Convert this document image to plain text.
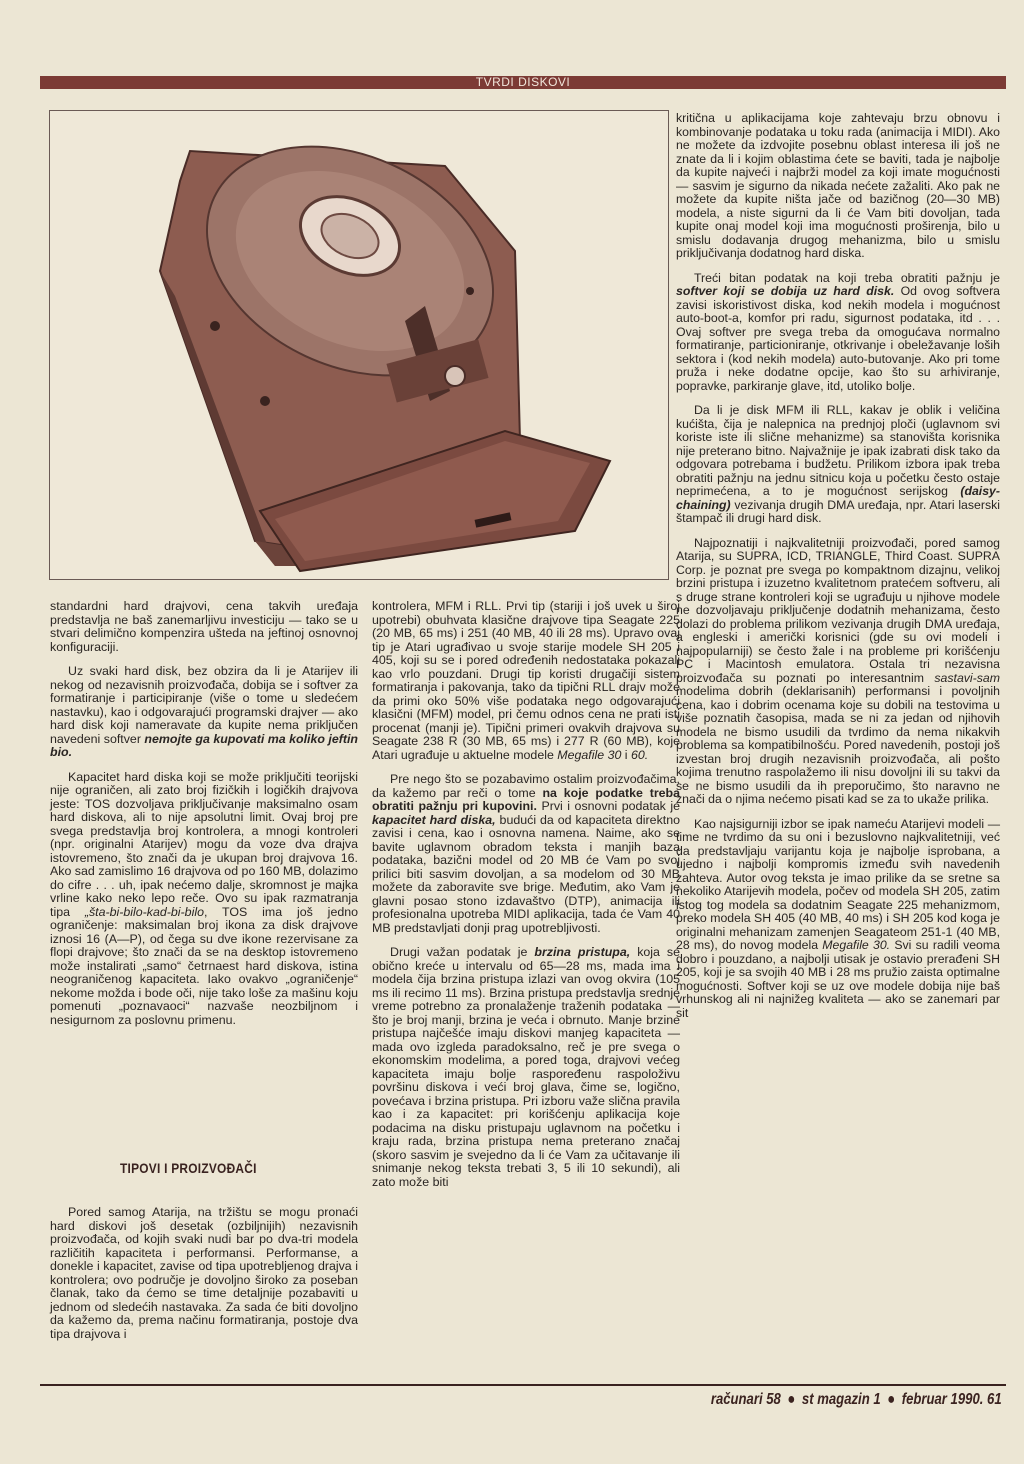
TVRDI DISKOVI

standardni hard drajvovi, cena takvih uređaja predstavlja ne baš zanemarljivu investiciju — tako se u stvari delimično kompenzira ušteda na jeftinoj osnovnoj konfiguraciji.

Uz svaki hard disk, bez obzira da li je Atarijev ili nekog od nezavisnih proizvođača, dobija se i softver za formatiranje i participiranje (više o tome u sledećem nastavku), kao i odgovarajući programski drajver — ako hard disk koji nameravate da kupite nema priključen navedeni softver nemojte ga kupovati ma koliko jeftin bio.

Kapacitet hard diska koji se može priključiti teorijski nije ograničen, ali zato broj fizičkih i logičkih drajvova jeste: TOS dozvoljava priključivanje maksimalno osam hard diskova, ali to nije apsolutni limit. Ovaj broj pre svega predstavlja broj kontrolera, a mnogi kontroleri (npr. originalni Atarijev) mogu da voze dva drajva istovremeno, što znači da je ukupan broj drajvova 16. Ako sad zamislimo 16 drajvova od po 160 MB, dolazimo do cifre . . . uh, ipak nećemo dalje, skromnost je majka vrline kako neko lepo reče. Ovo su ipak razmatranja tipa „šta-bi-bilo-kad-bi-bilo, TOS ima još jedno ograničenje: maksimalan broj ikona za disk drajvove iznosi 16 (A—P), od čega su dve ikone rezervisane za flopi drajvove; što znači da se na desktop istovremeno može instalirati „samo“ četrnaest hard diskova, istina neograničenog kapaciteta. Iako ovakvo „ograničenje“ nekome možda i bode oči, nije tako loše za mašinu koju pomenuti „poznavaoci“ nazvaše neozbiljnom i nesigurnom za poslovnu primenu.

TIPOVI I PROIZVOĐAČI

Pored samog Atarija, na tržištu se mogu pronaći hard diskovi još desetak (ozbiljnijih) nezavisnih proizvođača, od kojih svaki nudi bar po dva-tri modela različitih kapaciteta i performansi. Performanse, a donekle i kapacitet, zavise od tipa upotrebljenog drajva i kontrolera; ovo područje je dovoljno široko za poseban članak, tako da ćemo se time detaljnije pozabaviti u jednom od sledećih nastavaka. Za sada će biti dovoljno da kažemo da, prema načinu formatiranja, postoje dva tipa drajvova i

kontrolera, MFM i RLL. Prvi tip (stariji i još uvek u široj upotrebi) obuhvata klasične drajvove tipa Seagate 225 (20 MB, 65 ms) i 251 (40 MB, 40 ili 28 ms). Upravo ovaj tip je Atari ugrađivao u svoje starije modele SH 205 i 405, koji su se i pored određenih nedostataka pokazali kao vrlo pouzdani. Drugi tip koristi drugačiji sistem formatiranja i pakovanja, tako da tipični RLL drajv može da primi oko 50% više podataka nego odgovarajući klasični (MFM) model, pri čemu odnos cena ne prati isti procenat (manji je). Tipični primeri ovakvih drajvova su Seagate 238 R (30 MB, 65 ms) i 277 R (60 MB), koje Atari ugrađuje u aktuelne modele Megafile 30 i 60.

Pre nego što se pozabavimo ostalim proizvođačima, da kažemo par reči o tome na koje podatke treba obratiti pažnju pri kupovini. Prvi i osnovni podatak je kapacitet hard diska, budući da od kapaciteta direktno zavisi i cena, kao i osnovna namena. Naime, ako se bavite uglavnom obradom teksta i manjih baza podataka, bazični model od 20 MB će Vam po svoj prilici biti sasvim dovoljan, a sa modelom od 30 MB možete da zaboravite sve brige. Međutim, ako Vam je glavni posao stono izdavaštvo (DTP), animacija ili profesionalna upotreba MIDI aplikacija, tada će Vam 40 MB predstavljati donji prag upotrebljivosti.

Drugi važan podatak je brzina pristupa, koja se obično kreće u intervalu od 65—28 ms, mada ima i modela čija brzina pristupa izlazi van ovog okvira (105 ms ili recimo 11 ms). Brzina pristupa predstavlja srednje vreme potrebno za pronalaženje traženih podataka — što je broj manji, brzina je veća i obrnuto. Manje brzine pristupa najčešće imaju diskovi manjeg kapaciteta — mada ovo izgleda paradoksalno, reč je pre svega o ekonomskim modelima, a pored toga, drajvovi većeg kapaciteta imaju bolje raspoređenu raspoloživu površinu diskova i veći broj glava, čime se, logično, povećava i brzina pristupa. Pri izboru važe slična pravila kao i za kapacitet: pri korišćenju aplikacija koje podacima na disku pristupaju uglavnom na početku i kraju rada, brzina pristupa nema preterano značaj (skoro sasvim je svejedno da li će Vam za učitavanje ili snimanje nekog teksta trebati 3, 5 ili 10 sekundi), ali zato može biti

kritična u aplikacijama koje zahtevaju brzu obnovu i kombinovanje podataka u toku rada (animacija i MIDI). Ako ne možete da izdvojite posebnu oblast interesa ili još ne znate da li i kojim oblastima ćete se baviti, tada je najbolje da kupite najveći i najbrži model za koji imate mogućnosti — sasvim je sigurno da nikada nećete zažaliti. Ako pak ne možete da kupite ništa jače od bazičnog (20—30 MB) modela, a niste sigurni da li će Vam biti dovoljan, tada kupite onaj model koji ima mogućnosti proširenja, bilo u smislu dodavanja drugog mehanizma, bilo u smislu priključivanja dodatnog hard diska.

Treći bitan podatak na koji treba obratiti pažnju je softver koji se dobija uz hard disk. Od ovog softvera zavisi iskoristivost diska, kod nekih modela i mogućnost auto-boot-a, komfor pri radu, sigurnost podataka, itd . . . Ovaj softver pre svega treba da omogućava normalno formatiranje, particioniranje, otkrivanje i obeležavanje loših sektora i (kod nekih modela) auto-butovanje. Ako pri tome pruža i neke dodatne opcije, kao što su arhiviranje, popravke, parkiranje glave, itd, utoliko bolje.

Da li je disk MFM ili RLL, kakav je oblik i veličina kućišta, čija je nalepnica na prednjoj ploči (uglavnom svi koriste iste ili slične mehanizme) sa stanovišta korisnika nije preterano bitno. Najvažnije je ipak izabrati disk tako da odgovara potrebama i budžetu. Prilikom izbora ipak treba obratiti pažnju na jednu sitnicu koja u početku često ostaje neprimećena, a to je mogućnost serijskog (daisy-chaining) vezivanja drugih DMA uređaja, npr. Atari laserski štampač ili drugi hard disk.

Najpoznatiji i najkvalitetniji proizvođači, pored samog Atarija, su SUPRA, ICD, TRIANGLE, Third Coast. SUPRA Corp. je poznat pre svega po kompaktnom dizajnu, velikoj brzini pristupa i izuzetno kvalitetnom pratećem softveru, ali s druge strane kontroleri koji se ugrađuju u njihove modele ne dozvoljavaju priključenje dodatnih mehanizama, često dolazi do problema prilikom vezivanja drugih DMA uređaja, a engleski i američki korisnici (gde su ovi modeli i najpopularniji) se često žale i na probleme pri korišćenju PC i Macintosh emulatora. Ostala tri nezavisna proizvođača su poznati po interesantnim sastavi-sam modelima dobrih (deklarisanih) performansi i povoljnih cena, kao i dobrim ocenama koje su dobili na testovima u više poznatih časopisa, mada se ni za jedan od njihovih modela ne bismo usudili da tvrdimo da nema nikakvih problema sa kompatibilnošću. Pored navedenih, postoji još izvestan broj drugih nezavisnih proizvođača, ali pošto kojima trenutno raspolažemo ili nisu dovoljni ili su takvi da se ne bismo usudili da ih preporučimo, što naravno ne znači da o njima nećemo pisati kad se za to ukaže prilika.

Kao najsigurniji izbor se ipak nameću Atarijevi modeli — time ne tvrdimo da su oni i bezuslovno najkvalitetniji, već da predstavljaju varijantu koja je najbolje isprobana, a ujedno i najbolji kompromis između svih navedenih zahteva. Autor ovog teksta je imao prilike da se sretne sa nekoliko Atarijevih modela, počev od modela SH 205, zatim istog tog modela sa dodatnim Seagate 225 mehanizmom, preko modela SH 405 (40 MB, 40 ms) i SH 205 kod koga je originalni mehanizam zamenjen Seagateom 251-1 (40 MB, 28 ms), do novog modela Megafile 30. Svi su radili veoma dobro i pouzdano, a najbolji utisak je ostavio prerađeni SH 205, koji je sa svojih 40 MB i 28 ms pružio zaista optimalne mogućnosti. Softver koji se uz ove modele dobija nije baš vrhunskog ali ni najnižeg kvaliteta — ako se zanemari par sit

računari 58 ● st magazin 1 ● februar 1990. 61
